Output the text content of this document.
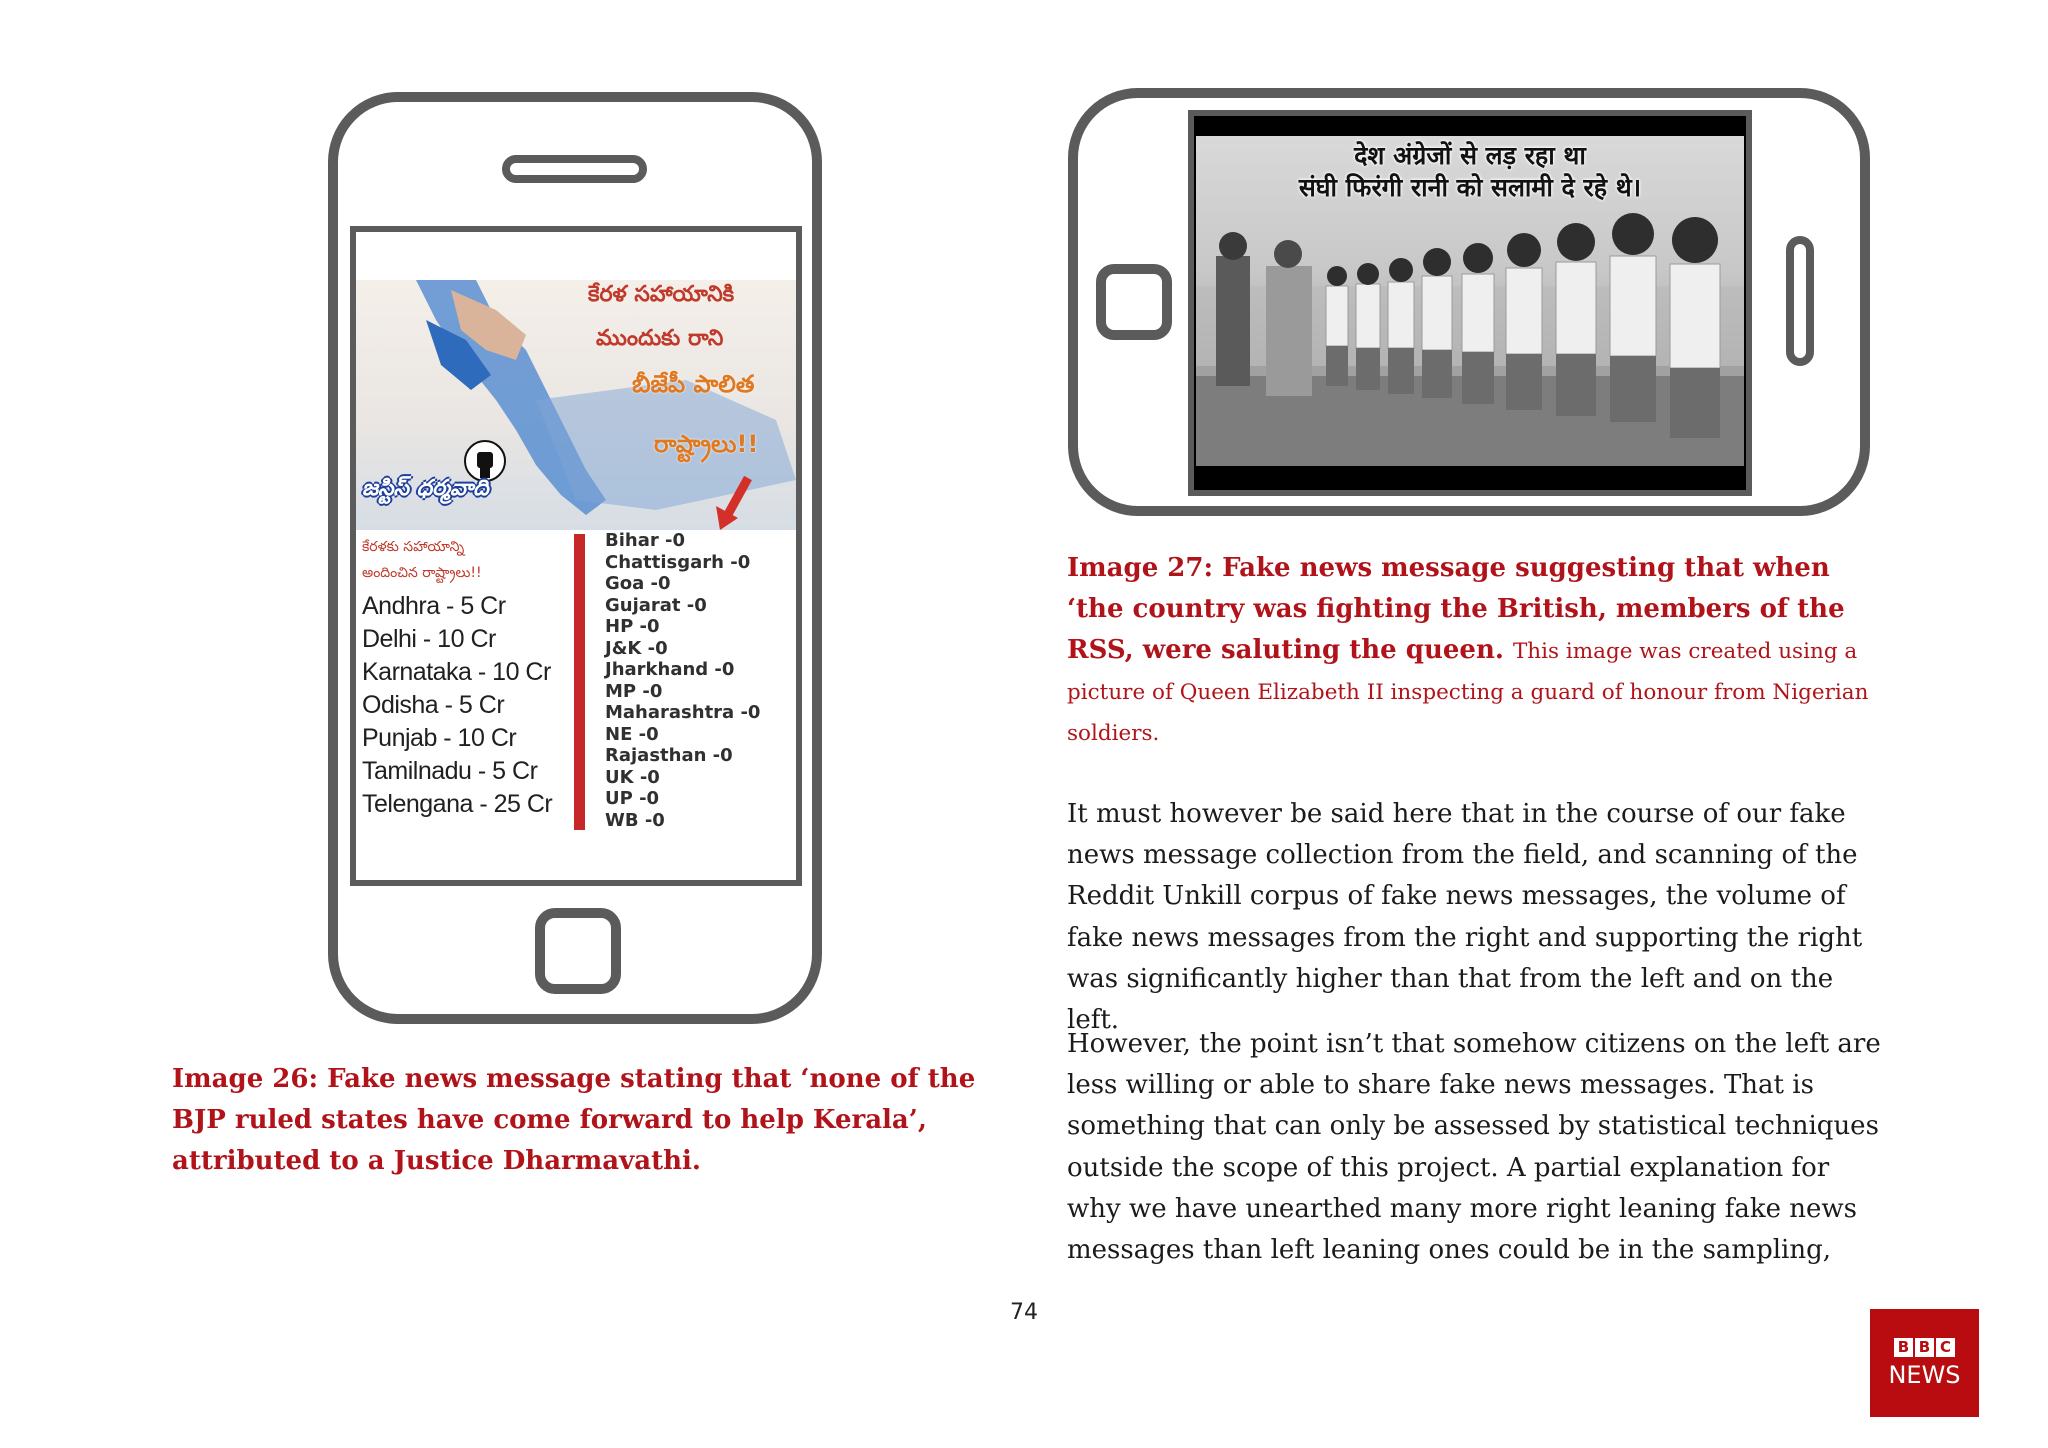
కేరళ సహాయానికి
ముందుకు రాని
బీజేపీ పాలిత
రాష్ట్రాలు!!
జస్టిస్ ధర్మవాది
కేరళకు సహాయాన్ని
అందించిన రాష్ట్రాలు!!
Andhra - 5 Cr
Delhi - 10 Cr
Karnataka - 10 Cr
Odisha - 5 Cr
Punjab - 10 Cr
Tamilnadu - 5 Cr
Telengana - 25 Cr
Bihar -0
Chattisgarh -0
Goa -0
Gujarat -0
HP -0
J&K -0
Jharkhand -0
MP -0
Maharashtra -0
NE -0
Rajasthan -0
UK -0
UP -0
WB -0
देश अंग्रेजों से लड़ रहा था
संघी फिरंगी रानी को सलामी दे रहे थे।
Image 27: Fake news message suggesting that when ‘the country was fighting the British, members of the RSS, were saluting the queen. This image was created using a picture of Queen Elizabeth II inspecting a guard of honour from Nigerian soldiers.
Image 26: Fake news message stating that ‘none of the BJP ruled states have come forward to help Kerala’, attributed to a Justice Dharmavathi.
It must however be said here that in the course of our fake news message collection from the field, and scanning of the Reddit Unkill corpus of fake news messages, the volume of fake news messages from the right and supporting the right was significantly higher than that from the left and on the left.
However, the point isn’t that somehow citizens on the left are less willing or able to share fake news messages. That is something that can only be assessed by statistical techniques outside the scope of this project. A partial explanation for why we have unearthed many more right leaning fake news messages than left leaning ones could be in the sampling,
74
B B C
NEWS
